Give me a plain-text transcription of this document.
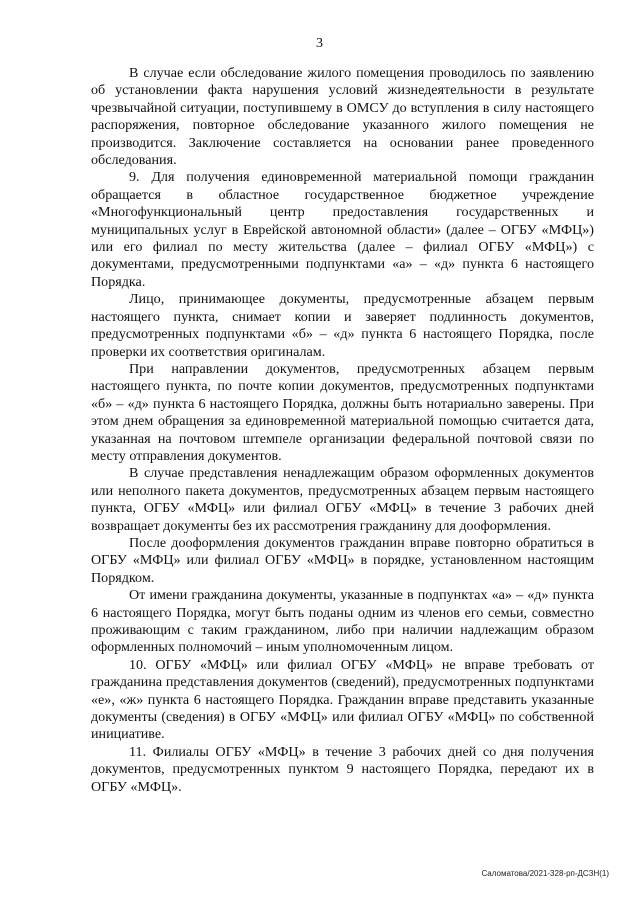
3

В случае если обследование жилого помещения проводилось по заявлению об установлении факта нарушения условий жизнедеятельности в результате чрезвычайной ситуации, поступившему в ОМСУ до вступления в силу настоящего распоряжения, повторное обследование указанного жилого помещения не производится. Заключение составляется на основании ранее проведенного обследования.

9. Для получения единовременной материальной помощи гражданин обращается в областное государственное бюджетное учреждение «Многофункциональный центр предоставления государственных и муниципальных услуг в Еврейской автономной области» (далее – ОГБУ «МФЦ») или его филиал по месту жительства (далее – филиал ОГБУ «МФЦ») с документами, предусмотренными подпунктами «а» – «д» пункта 6 настоящего Порядка.

Лицо, принимающее документы, предусмотренные абзацем первым настоящего пункта, снимает копии и заверяет подлинность документов, предусмотренных подпунктами «б» – «д» пункта 6 настоящего Порядка, после проверки их соответствия оригиналам.

При направлении документов, предусмотренных абзацем первым настоящего пункта, по почте копии документов, предусмотренных подпунктами «б» – «д» пункта 6 настоящего Порядка, должны быть нотариально заверены. При этом днем обращения за единовременной материальной помощью считается дата, указанная на почтовом штемпеле организации федеральной почтовой связи по месту отправления документов.

В случае представления ненадлежащим образом оформленных документов или неполного пакета документов, предусмотренных абзацем первым настоящего пункта, ОГБУ «МФЦ» или филиал ОГБУ «МФЦ» в течение 3 рабочих дней возвращает документы без их рассмотрения гражданину для дооформления.

После дооформления документов гражданин вправе повторно обратиться в ОГБУ «МФЦ» или филиал ОГБУ «МФЦ» в порядке, установленном настоящим Порядком.

От имени гражданина документы, указанные в подпунктах «а» – «д» пункта 6 настоящего Порядка, могут быть поданы одним из членов его семьи, совместно проживающим с таким гражданином, либо при наличии надлежащим образом оформленных полномочий – иным уполномоченным лицом.

10. ОГБУ «МФЦ» или филиал ОГБУ «МФЦ» не вправе требовать от гражданина представления документов (сведений), предусмотренных подпунктами «е», «ж» пункта 6 настоящего Порядка. Гражданин вправе представить указанные документы (сведения) в ОГБУ «МФЦ» или филиал ОГБУ «МФЦ» по собственной инициативе.

11. Филиалы ОГБУ «МФЦ» в течение 3 рабочих дней со дня получения документов, предусмотренных пунктом 9 настоящего Порядка, передают их в ОГБУ «МФЦ».

Саломатова/2021-328-рп-ДСЗН(1)
